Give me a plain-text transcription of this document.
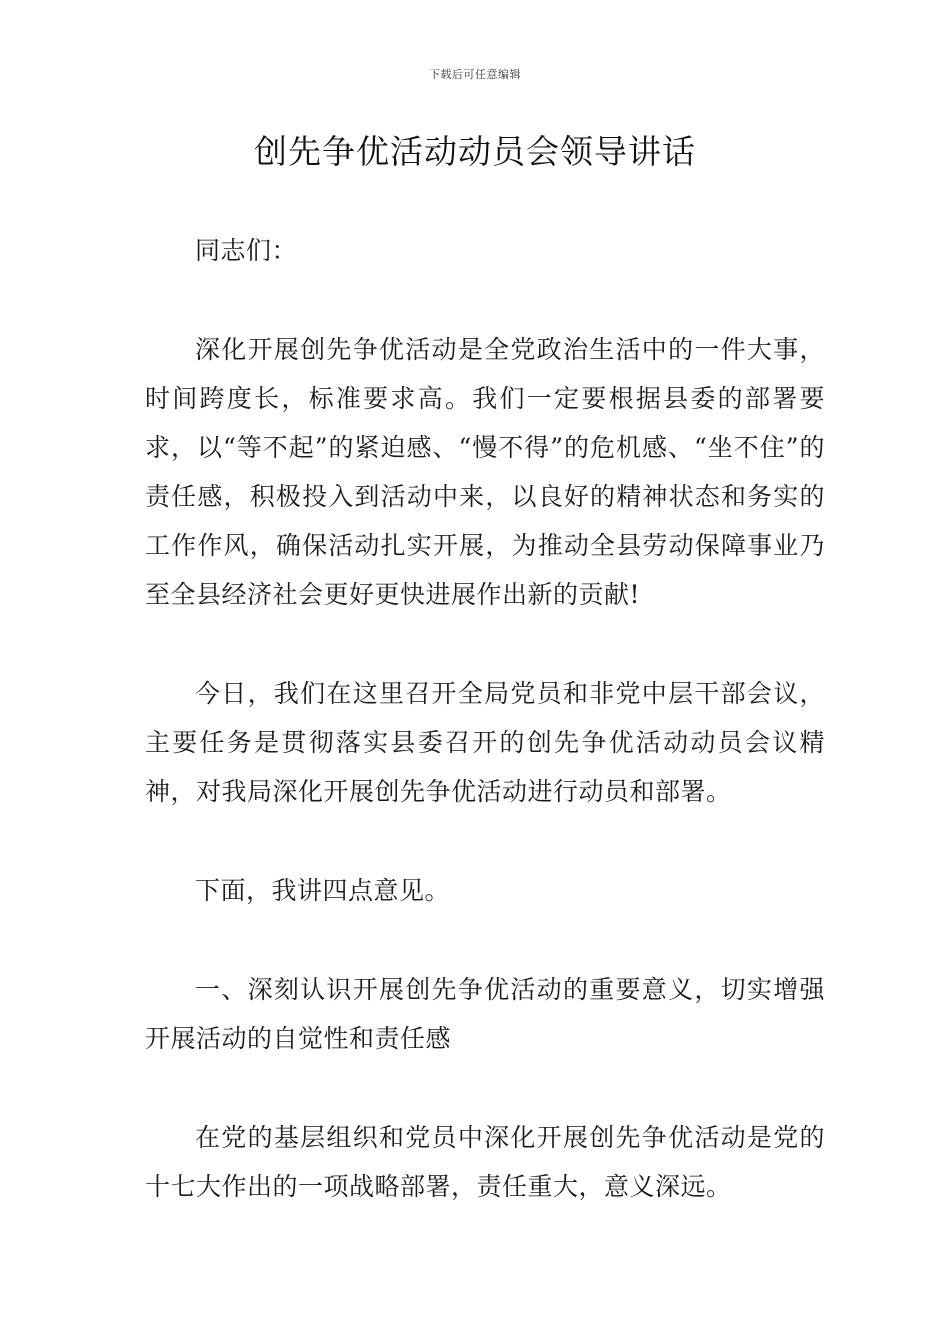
下载后可任意编辑
创先争优活动动员会领导讲话

同志们：

深化开展创先争优活动是全党政治生活中的一件大事，时间跨度长，标准要求高。我们一定要根据县委的部署要求，以“等不起”的紧迫感、“慢不得”的危机感、“坐不住”的责任感，积极投入到活动中来，以良好的精神状态和务实的工作作风，确保活动扎实开展，为推动全县劳动保障事业乃至全县经济社会更好更快进展作出新的贡献!

今日，我们在这里召开全局党员和非党中层干部会议，主要任务是贯彻落实县委召开的创先争优活动动员会议精神，对我局深化开展创先争优活动进行动员和部署。

下面，我讲四点意见。

一、深刻认识开展创先争优活动的重要意义，切实增强开展活动的自觉性和责任感

在党的基层组织和党员中深化开展创先争优活动是党的十七大作出的一项战略部署，责任重大，意义深远。
